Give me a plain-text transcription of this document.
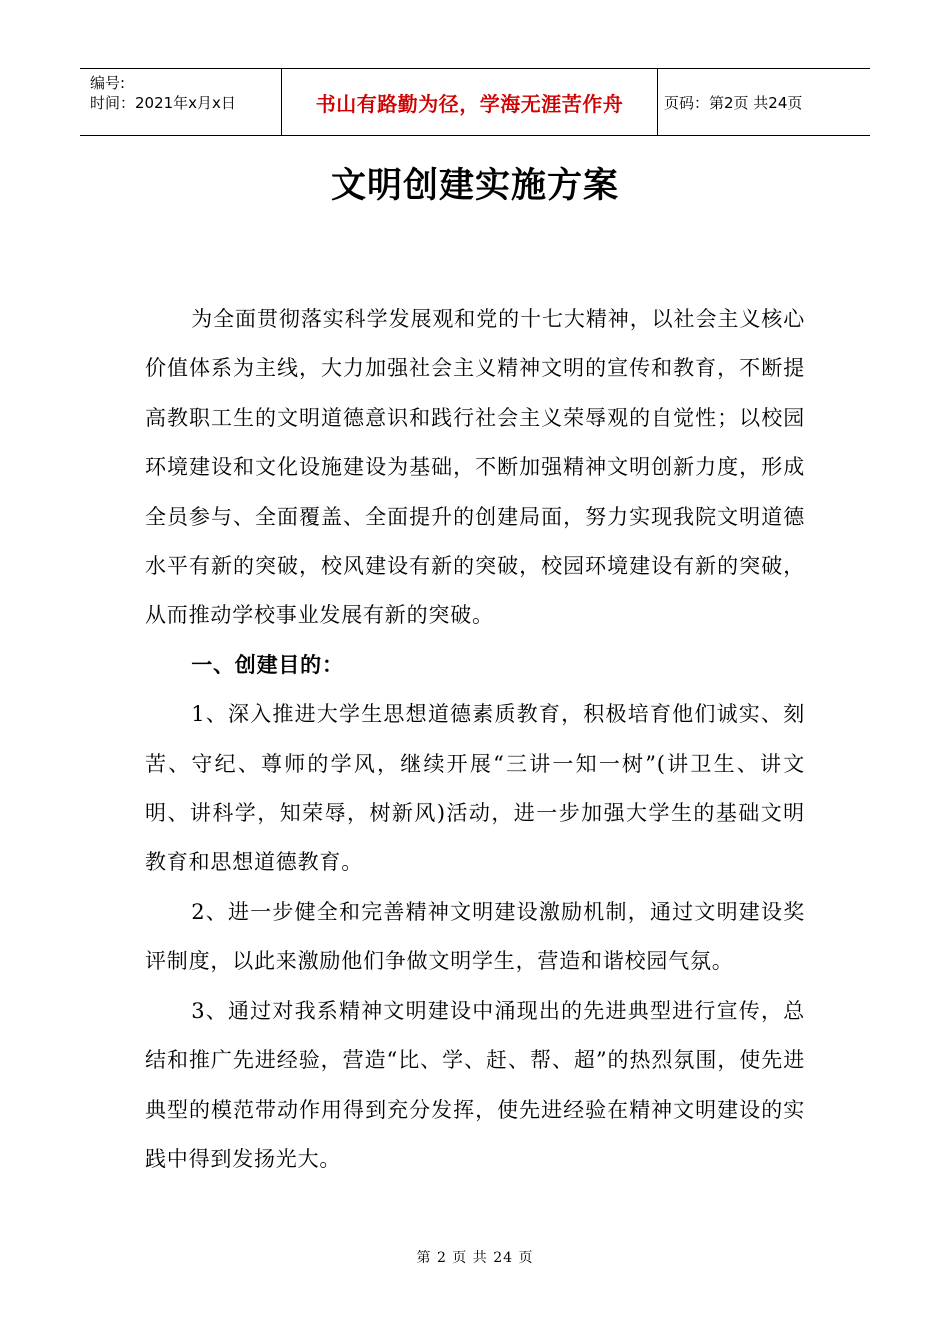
编号:
时间：2021年x月x日	书山有路勤为径，学海无涯苦作舟	页码：第2页 共24页
文明创建实施方案

为全面贯彻落实科学发展观和党的十七大精神，以社会主义核心价值体系为主线，大力加强社会主义精神文明的宣传和教育，不断提高教职工生的文明道德意识和践行社会主义荣辱观的自觉性；以校园环境建设和文化设施建设为基础，不断加强精神文明创新力度，形成全员参与、全面覆盖、全面提升的创建局面，努力实现我院文明道德水平有新的突破，校风建设有新的突破，校园环境建设有新的突破，从而推动学校事业发展有新的突破。

一、创建目的：

1、深入推进大学生思想道德素质教育，积极培育他们诚实、刻苦、守纪、尊师的学风，继续开展“三讲一知一树”(讲卫生、讲文明、讲科学，知荣辱，树新风)活动，进一步加强大学生的基础文明教育和思想道德教育。

2、进一步健全和完善精神文明建设激励机制，通过文明建设奖评制度，以此来激励他们争做文明学生，营造和谐校园气氛。

3、通过对我系精神文明建设中涌现出的先进典型进行宣传，总结和推广先进经验，营造“比、学、赶、帮、超”的热烈氛围，使先进典型的模范带动作用得到充分发挥，使先进经验在精神文明建设的实践中得到发扬光大。

第 2 页 共 24 页
